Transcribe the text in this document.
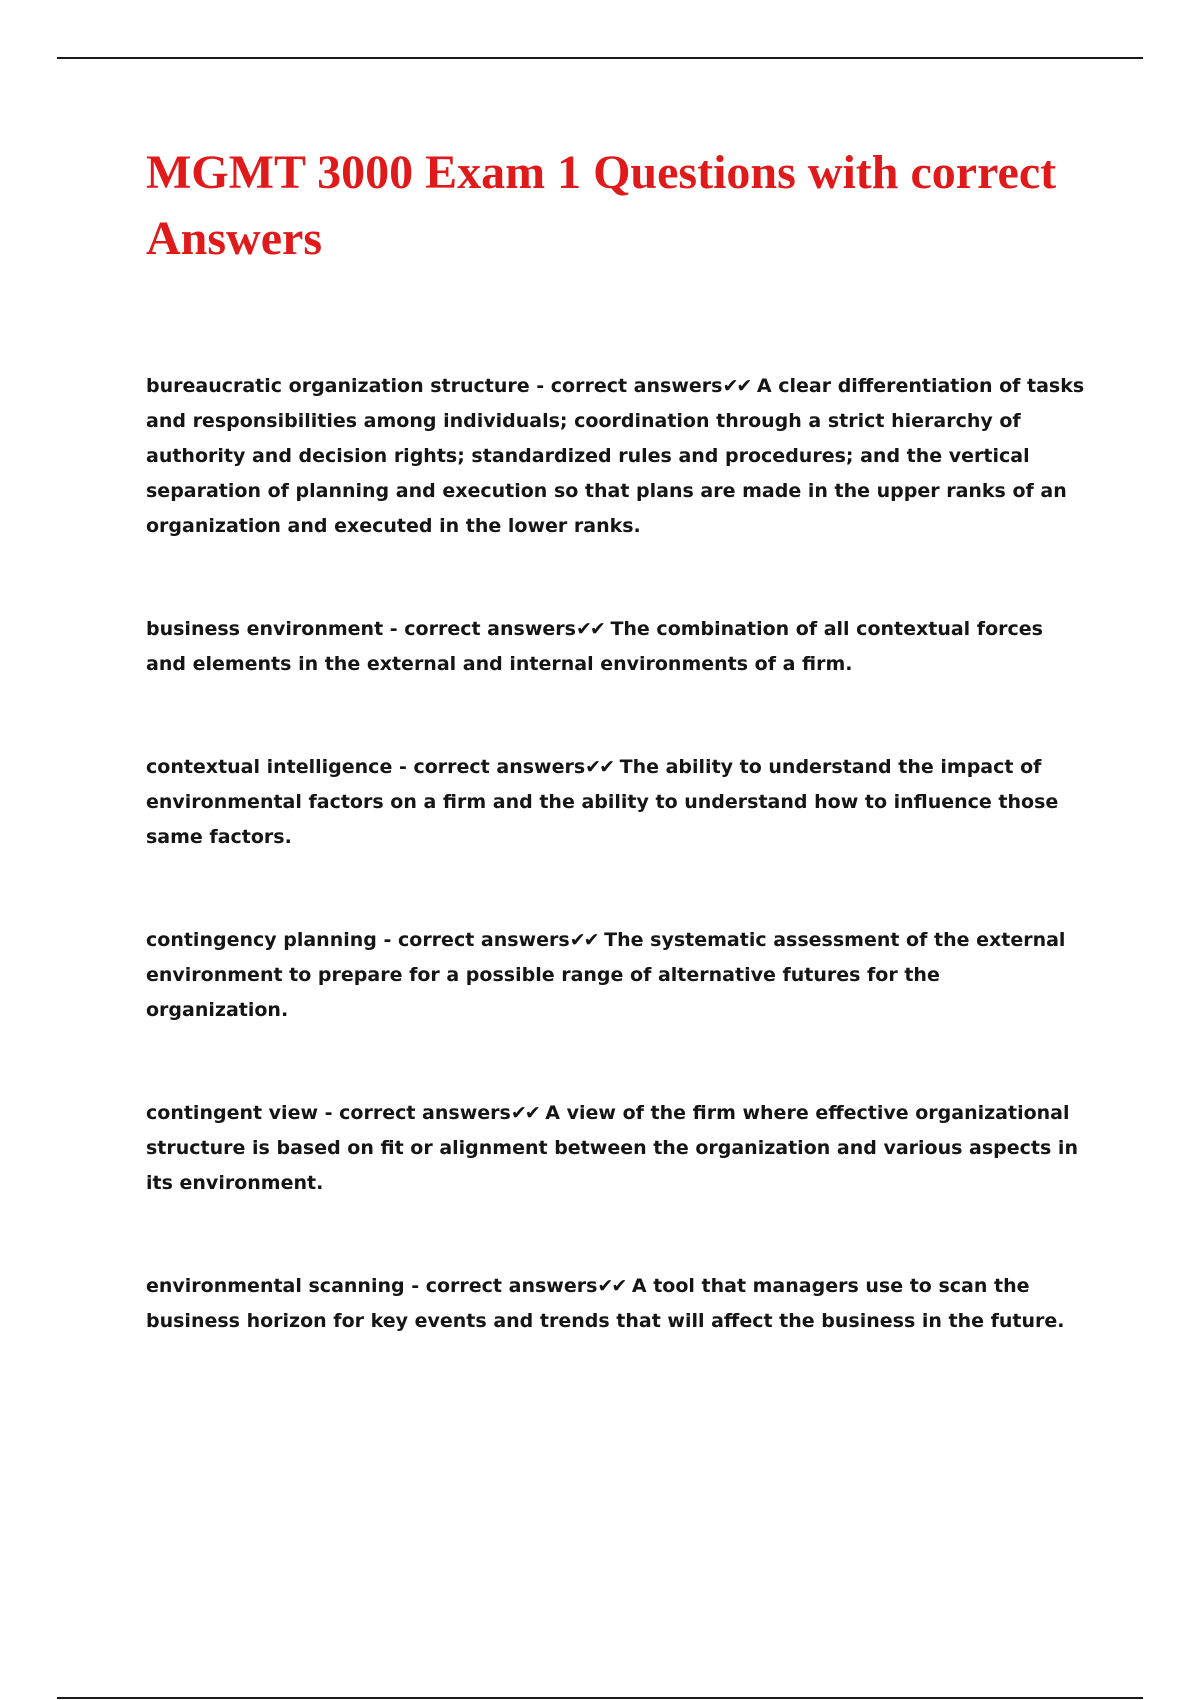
MGMT 3000 Exam 1 Questions with correct Answers

bureaucratic organization structure - correct answers✔✔ A clear differentiation of tasks and responsibilities among individuals; coordination through a strict hierarchy of authority and decision rights; standardized rules and procedures; and the vertical separation of planning and execution so that plans are made in the upper ranks of an organization and executed in the lower ranks.

business environment - correct answers✔✔ The combination of all contextual forces and elements in the external and internal environments of a firm.

contextual intelligence - correct answers✔✔ The ability to understand the impact of environmental factors on a firm and the ability to understand how to influence those same factors.

contingency planning - correct answers✔✔ The systematic assessment of the external environment to prepare for a possible range of alternative futures for the organization.

contingent view - correct answers✔✔ A view of the firm where effective organizational structure is based on fit or alignment between the organization and various aspects in its environment.

environmental scanning - correct answers✔✔ A tool that managers use to scan the business horizon for key events and trends that will affect the business in the future.
